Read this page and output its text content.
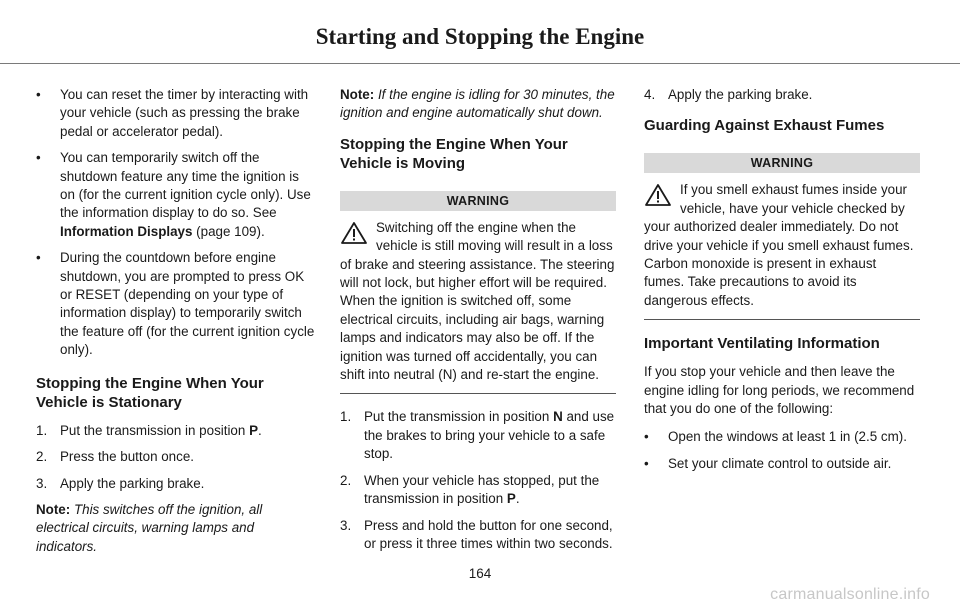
Starting and Stopping the Engine
• You can reset the timer by interacting with your vehicle (such as pressing the brake pedal or accelerator pedal).
• You can temporarily switch off the shutdown feature any time the ignition is on (for the current ignition cycle only). Use the information display to do so. See Information Displays (page 109).
• During the countdown before engine shutdown, you are prompted to press OK or RESET (depending on your type of information display) to temporarily switch the feature off (for the current ignition cycle only).
Stopping the Engine When Your Vehicle is Stationary
1. Put the transmission in position P.
2. Press the button once.
3. Apply the parking brake.

Note: This switches off the ignition, all electrical circuits, warning lamps and indicators.

Note: If the engine is idling for 30 minutes, the ignition and engine automatically shut down.

Stopping the Engine When Your Vehicle is Moving
WARNING
Switching off the engine when the vehicle is still moving will result in a loss of brake and steering assistance. The steering will not lock, but higher effort will be required. When the ignition is switched off, some electrical circuits, including air bags, warning lamps and indicators may also be off. If the ignition was turned off accidentally, you can shift into neutral (N) and re-start the engine.
1. Put the transmission in position N and use the brakes to bring your vehicle to a safe stop.
2. When your vehicle has stopped, put the transmission in position P.
3. Press and hold the button for one second, or press it three times within two seconds.
4. Apply the parking brake.
Guarding Against Exhaust Fumes
WARNING
If you smell exhaust fumes inside your vehicle, have your vehicle checked by your authorized dealer immediately. Do not drive your vehicle if you smell exhaust fumes. Carbon monoxide is present in exhaust fumes. Take precautions to avoid its dangerous effects.
Important Ventilating Information

If you stop your vehicle and then leave the engine idling for long periods, we recommend that you do one of the following:

• Open the windows at least 1 in (2.5 cm).
• Set your climate control to outside air.
164
carmanualsonline.info
